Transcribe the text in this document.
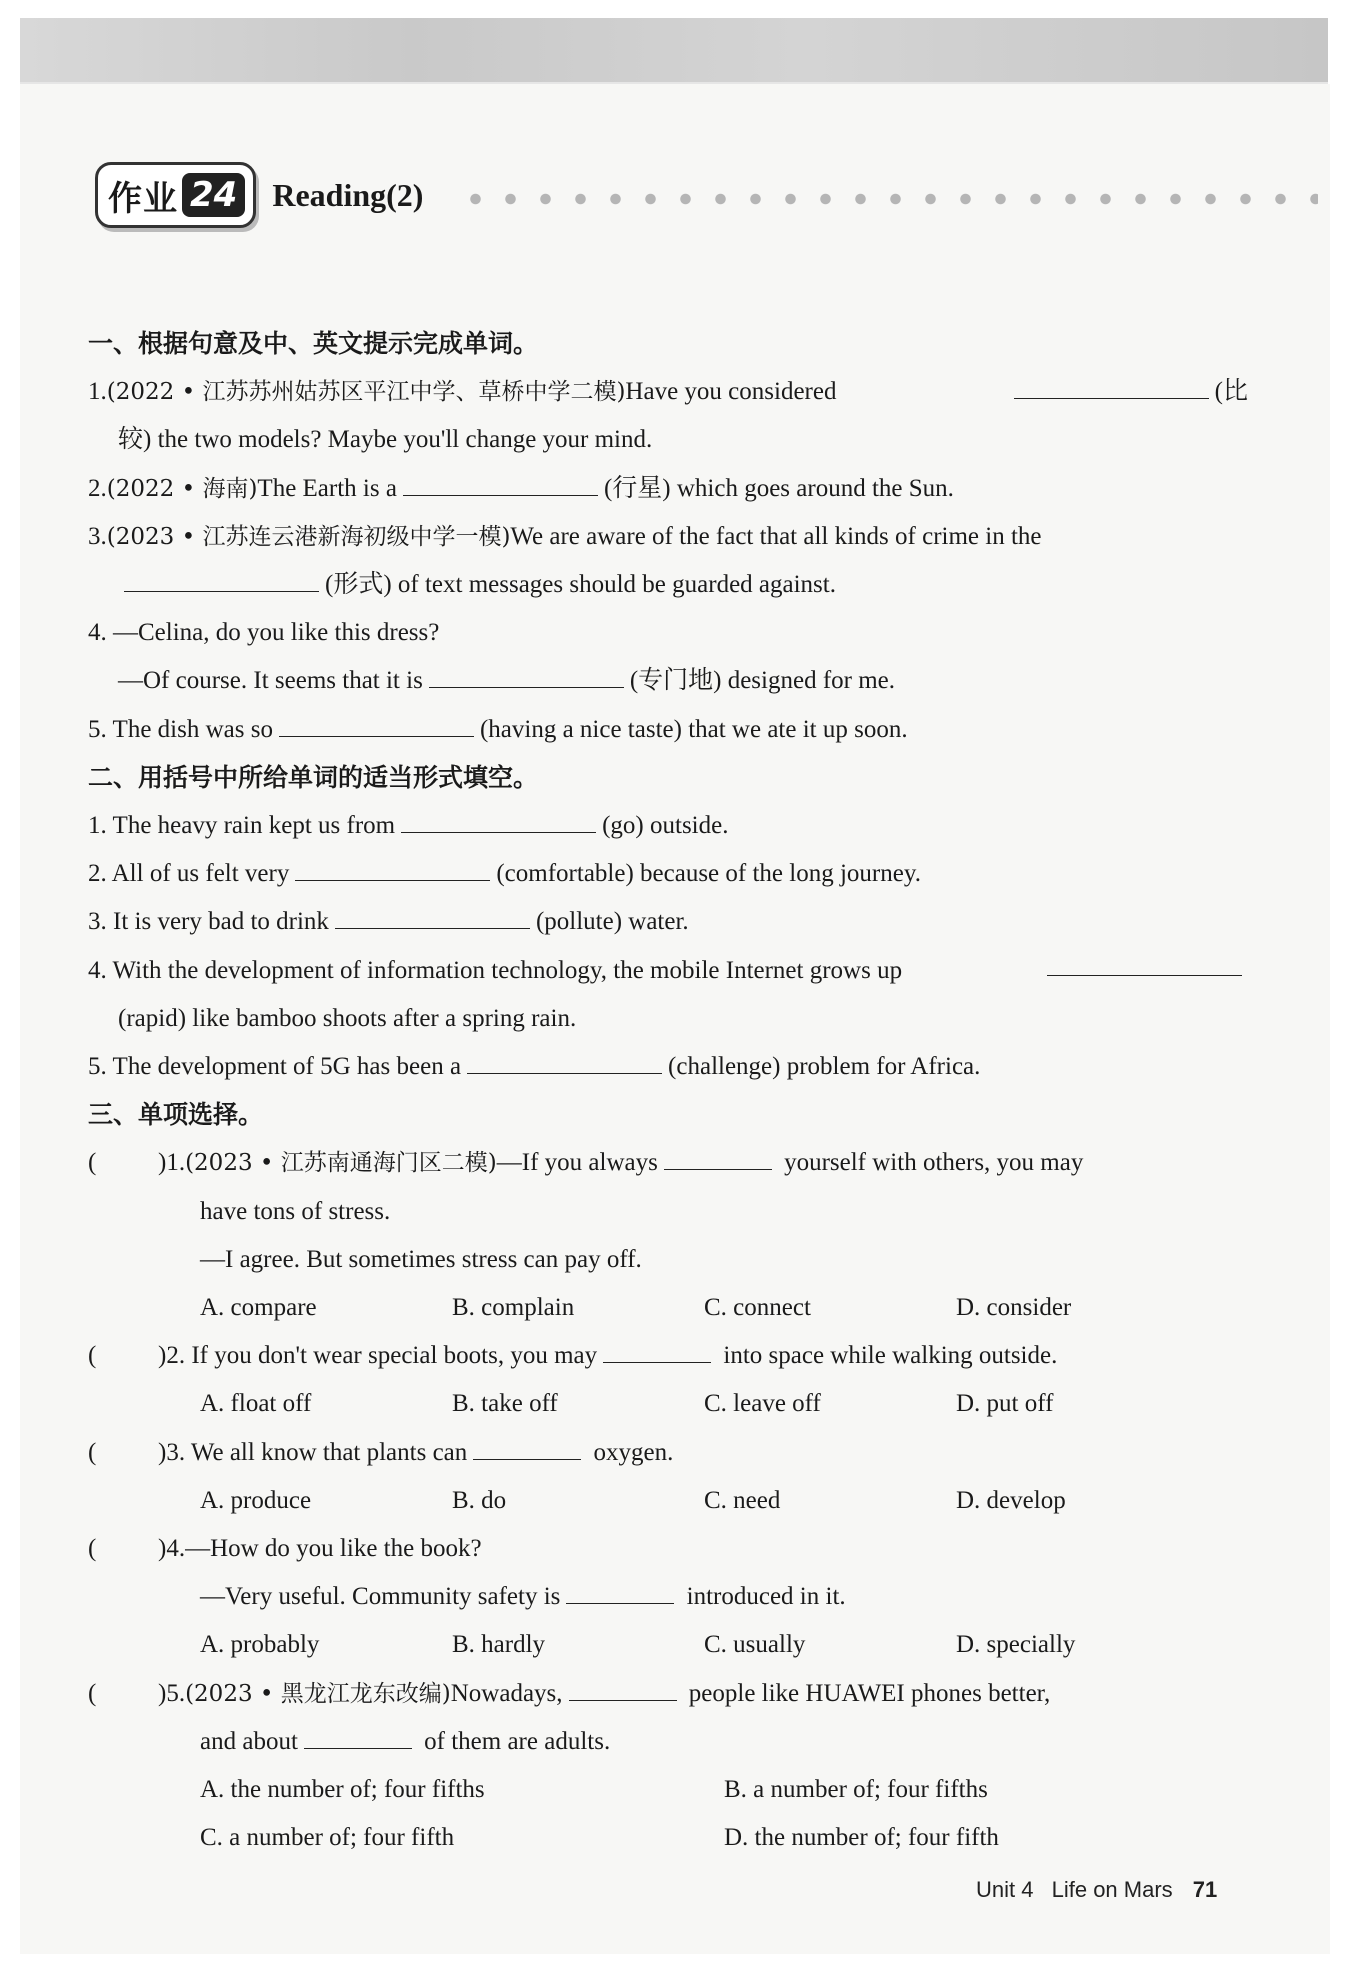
作业 24 Reading(2)
一、根据句意及中、英文提示完成单词。
1.(2022 • 江苏苏州姑苏区平江中学、草桥中学二模)Have you considered	(比
较) the two models? Maybe you'll change your mind.
2.(2022 • 海南)The Earth is a	(行星) which goes around the Sun.
3.(2023 • 江苏连云港新海初级中学一模)We are aware of the fact that all kinds of crime in the
(形式) of text messages should be guarded against.
4. —Celina, do you like this dress?
—Of course. It seems that it is	(专门地) designed for me.
5. The dish was so	(having a nice taste) that we ate it up soon.
二、用括号中所给单词的适当形式填空。
1. The heavy rain kept us from	(go) outside.
2. All of us felt very	(comfortable) because of the long journey.
3. It is very bad to drink	(pollute) water.
4. With the development of information technology, the mobile Internet grows up
(rapid) like bamboo shoots after a spring rain.
5. The development of 5G has been a	(challenge) problem for Africa.
三、单项选择。
( )1.(2023 • 江苏南通海门区二模)—If you always	yourself with others, you may
have tons of stress.
—I agree. But sometimes stress can pay off.
A. compare	B. complain	C. connect	D. consider
( )2. If you don't wear special boots, you may	into space while walking outside.
A. float off	B. take off	C. leave off	D. put off
( )3. We all know that plants can	oxygen.
A. produce	B. do	C. need	D. develop
( )4.—How do you like the book?
—Very useful. Community safety is	introduced in it.
A. probably	B. hardly	C. usually	D. specially
( )5.(2023 • 黑龙江龙东改编)Nowadays,	people like HUAWEI phones better,
and about	of them are adults.
A. the number of; four fifths	B. a number of; four fifths
C. a number of; four fifth	D. the number of; four fifth
Unit 4 Life on Mars 71
